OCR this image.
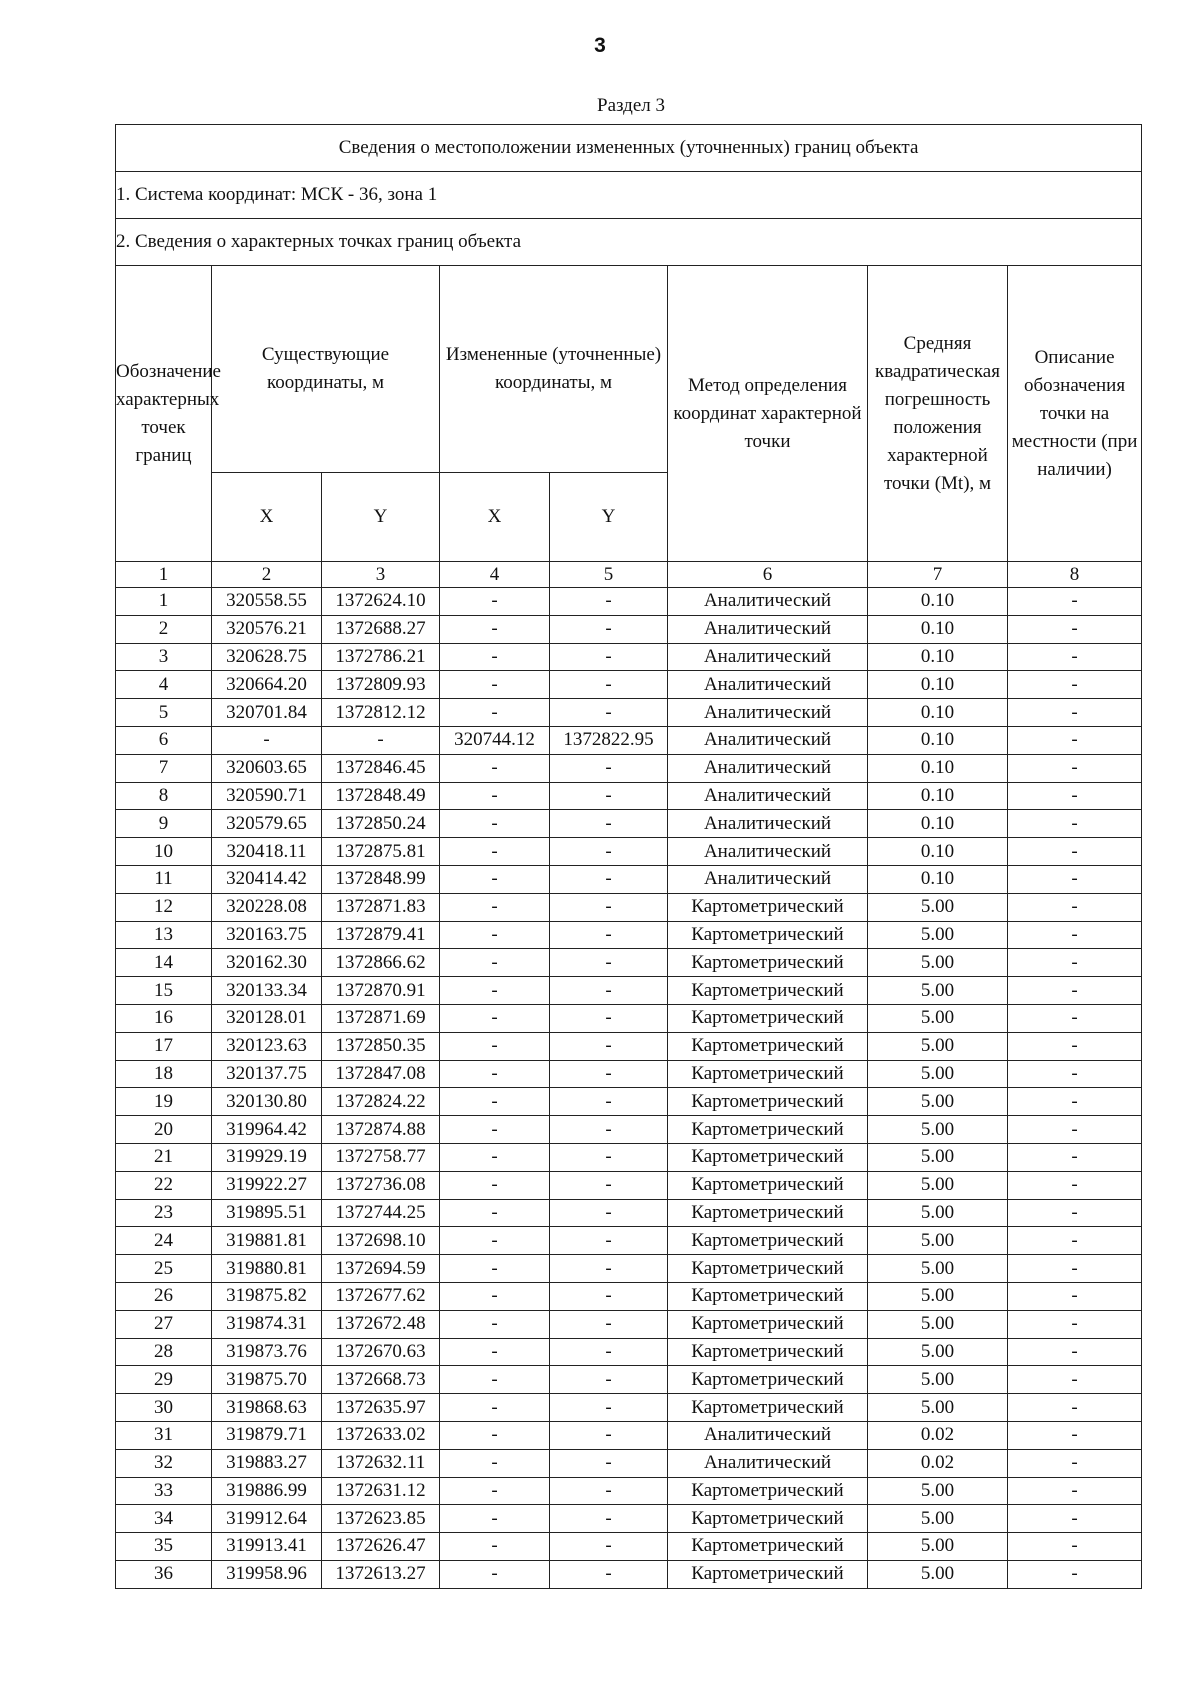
3
Раздел 3
Сведения о местоположении измененных (уточненных) границ объекта							
1. Система координат: МСК - 36, зона 1							
2. Сведения о характерных точках границ объекта							
Обозначение характерных точек границ	Существующие координаты, м		Измененные (уточненные) координаты, м		Метод определения координат характерной точки	Средняя квадратическая погрешность положения характерной точки (Mt), м	Описание обозначения точки на местности (при наличии)
	X	Y	X	Y			
1	2	3	4	5	6	7	8
1	320558.55	1372624.10	-	-	Аналитический	0.10	-
2	320576.21	1372688.27	-	-	Аналитический	0.10	-
3	320628.75	1372786.21	-	-	Аналитический	0.10	-
4	320664.20	1372809.93	-	-	Аналитический	0.10	-
5	320701.84	1372812.12	-	-	Аналитический	0.10	-
6	-	-	320744.12	1372822.95	Аналитический	0.10	-
7	320603.65	1372846.45	-	-	Аналитический	0.10	-
8	320590.71	1372848.49	-	-	Аналитический	0.10	-
9	320579.65	1372850.24	-	-	Аналитический	0.10	-
10	320418.11	1372875.81	-	-	Аналитический	0.10	-
11	320414.42	1372848.99	-	-	Аналитический	0.10	-
12	320228.08	1372871.83	-	-	Картометрический	5.00	-
13	320163.75	1372879.41	-	-	Картометрический	5.00	-
14	320162.30	1372866.62	-	-	Картометрический	5.00	-
15	320133.34	1372870.91	-	-	Картометрический	5.00	-
16	320128.01	1372871.69	-	-	Картометрический	5.00	-
17	320123.63	1372850.35	-	-	Картометрический	5.00	-
18	320137.75	1372847.08	-	-	Картометрический	5.00	-
19	320130.80	1372824.22	-	-	Картометрический	5.00	-
20	319964.42	1372874.88	-	-	Картометрический	5.00	-
21	319929.19	1372758.77	-	-	Картометрический	5.00	-
22	319922.27	1372736.08	-	-	Картометрический	5.00	-
23	319895.51	1372744.25	-	-	Картометрический	5.00	-
24	319881.81	1372698.10	-	-	Картометрический	5.00	-
25	319880.81	1372694.59	-	-	Картометрический	5.00	-
26	319875.82	1372677.62	-	-	Картометрический	5.00	-
27	319874.31	1372672.48	-	-	Картометрический	5.00	-
28	319873.76	1372670.63	-	-	Картометрический	5.00	-
29	319875.70	1372668.73	-	-	Картометрический	5.00	-
30	319868.63	1372635.97	-	-	Картометрический	5.00	-
31	319879.71	1372633.02	-	-	Аналитический	0.02	-
32	319883.27	1372632.11	-	-	Аналитический	0.02	-
33	319886.99	1372631.12	-	-	Картометрический	5.00	-
34	319912.64	1372623.85	-	-	Картометрический	5.00	-
35	319913.41	1372626.47	-	-	Картометрический	5.00	-
36	319958.96	1372613.27	-	-	Картометрический	5.00	-
